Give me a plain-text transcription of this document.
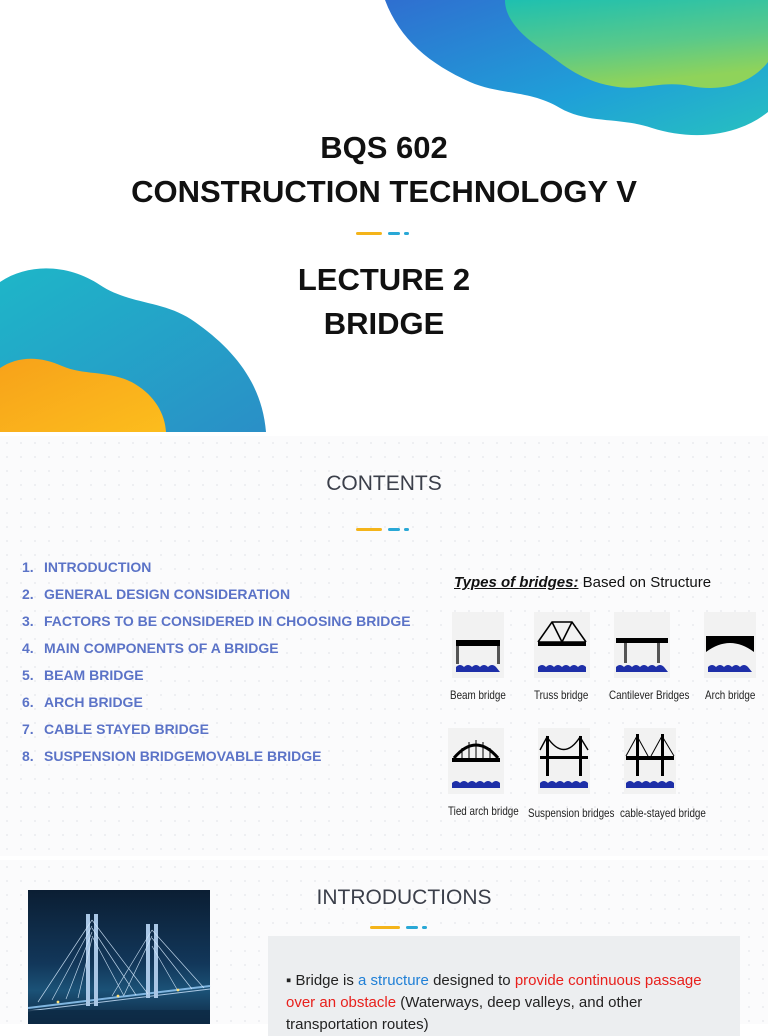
BQS 602
CONSTRUCTION TECHNOLOGY V
LECTURE 2
BRIDGE
CONTENTS
1. INTRODUCTION
2. GENERAL DESIGN CONSIDERATION
3. FACTORS TO BE CONSIDERED IN CHOOSING BRIDGE
4. MAIN COMPONENTS OF A BRIDGE
5. BEAM BRIDGE
6. ARCH BRIDGE
7. CABLE STAYED BRIDGE
8. SUSPENSION BRIDGEMOVABLE BRIDGE
Types of bridges: Based on Structure
Beam bridge Truss bridge Cantilever Bridges Arch bridge
Tied arch bridge Suspension bridges cable-stayed bridge
INTRODUCTIONS
▪ Bridge is a structure designed to provide continuous passage over an obstacle (Waterways, deep valleys, and other transportation routes)
